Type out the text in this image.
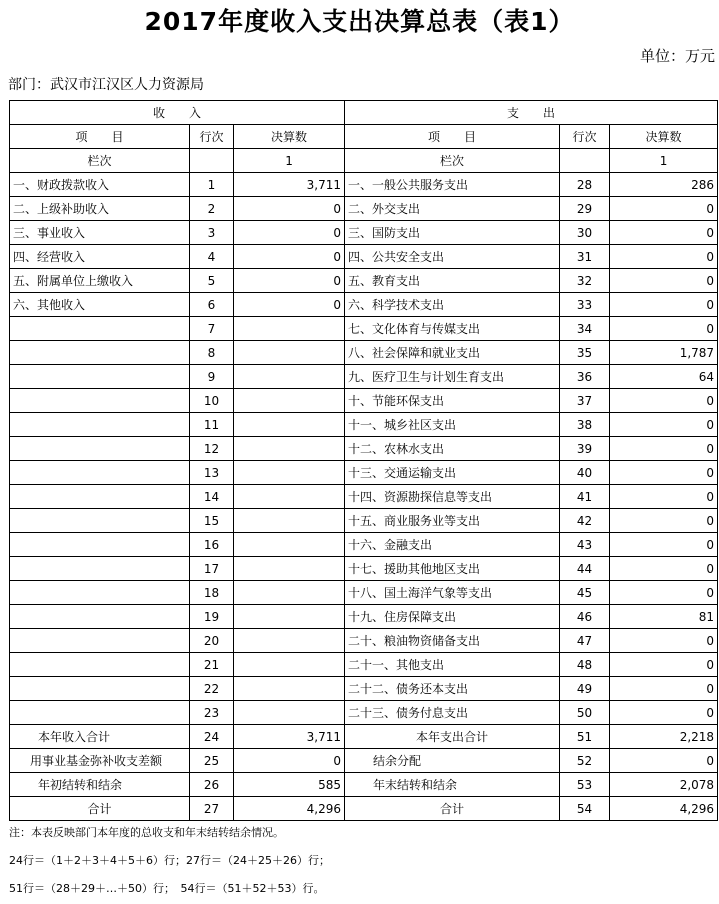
2017年度收入支出决算总表（表1）
单位：万元
部门：武汉市江汉区人力资源局
收　　入			支　　出		
项　　目	行次	决算数	项　　目	行次	决算数
栏次		1	栏次		1
一、财政拨款收入	1	3,711	一、一般公共服务支出	28	286
二、上级补助收入	2	0	二、外交支出	29	0
三、事业收入	3	0	三、国防支出	30	0
四、经营收入	4	0	四、公共安全支出	31	0
五、附属单位上缴收入	5	0	五、教育支出	32	0
六、其他收入	6	0	六、科学技术支出	33	0
	7		七、文化体育与传媒支出	34	0
	8		八、社会保障和就业支出	35	1,787
	9		九、医疗卫生与计划生育支出	36	64
	10		十、节能环保支出	37	0
	11		十一、城乡社区支出	38	0
	12		十二、农林水支出	39	0
	13		十三、交通运输支出	40	0
	14		十四、资源勘探信息等支出	41	0
	15		十五、商业服务业等支出	42	0
	16		十六、金融支出	43	0
	17		十七、援助其他地区支出	44	0
	18		十八、国土海洋气象等支出	45	0
	19		十九、住房保障支出	46	81
	20		二十、粮油物资储备支出	47	0
	21		二十一、其他支出	48	0
	22		二十二、债务还本支出	49	0
	23		二十三、债务付息支出	50	0
本年收入合计	24	3,711	本年支出合计	51	2,218
用事业基金弥补收支差额	25	0	结余分配	52	0
年初结转和结余	26	585	年末结转和结余	53	2,078
合计	27	4,296	合计	54	4,296
注：本表反映部门本年度的总收支和年末结转结余情况。
24行＝（1＋2＋3＋4＋5＋6）行；27行＝（24＋25＋26）行；
51行＝（28＋29＋…＋50）行；　54行＝（51＋52＋53）行。
